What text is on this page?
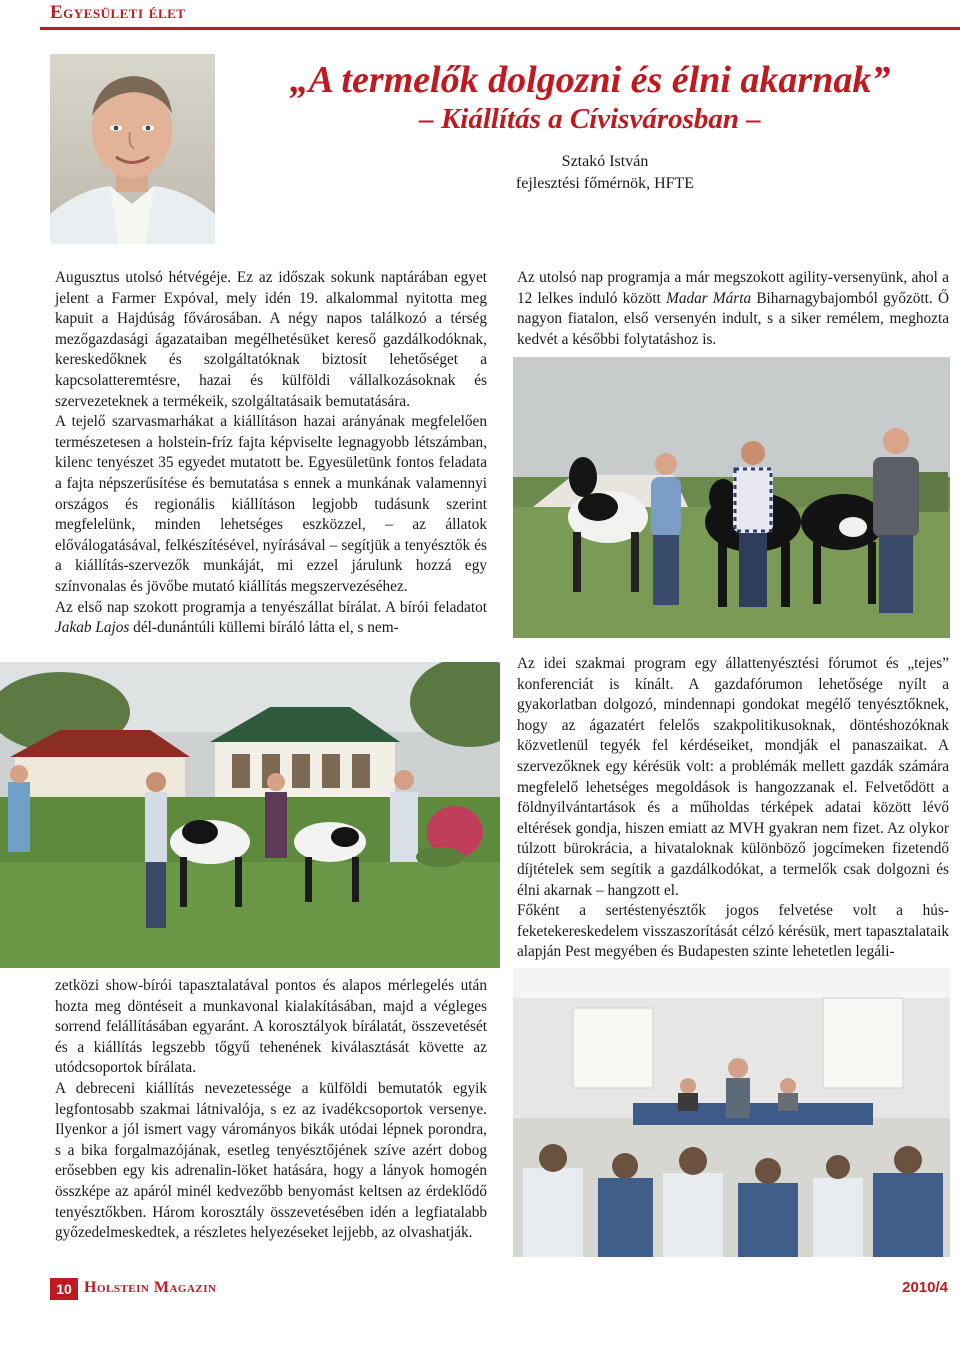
Egyesületi élet
„A termelők dolgozni és élni akarnak”
– Kiállítás a Cívisvárosban –
Sztakó István
fejlesztési főmérnök, HFTE

Augusztus utolsó hétvégéje. Ez az időszak sokunk naptárában egyet jelent a Farmer Expóval, mely idén 19. alkalommal nyitotta meg kapuit a Hajdúság fővárosában. A négy napos találkozó a térség mezőgazdasági ágazataiban megélhetésüket kereső gazdálkodóknak, kereskedőknek és szolgáltatóknak biztosít lehetőséget a kapcsolatteremtésre, hazai és külföldi vállalkozásoknak és szervezeteknek a termékeik, szolgáltatásaik bemutatására.

A tejelő szarvasmarhákat a kiállításon hazai arányának megfelelően természetesen a holstein-fríz fajta képviselte legnagyobb létszámban, kilenc tenyészet 35 egyedet mutatott be. Egyesületünk fontos feladata a fajta népszerűsítése és bemutatása s ennek a munkának valamennyi országos és regionális kiállításon legjobb tudásunk szerint megfelelünk, minden lehetséges eszközzel, – az állatok előválogatásával, felkészítésével, nyírásával – segítjük a tenyésztők és a kiállítás-szervezők munkáját, mi ezzel járulunk hozzá egy színvonalas és jövőbe mutató kiállítás megszervezéséhez.

Az első nap szokott programja a tenyészállat bírálat. A bírói feladatot Jakab Lajos dél-dunántúli küllemi bíráló látta el, s nem-

Az utolsó nap programja a már megszokott agility-versenyünk, ahol a 12 lelkes induló között Madar Márta Biharnagybajomból győzött. Ő nagyon fiatalon, első versenyén indult, s a siker remélem, meghozta kedvét a későbbi folytatáshoz is.

Az idei szakmai program egy állattenyésztési fórumot és „tejes” konferenciát is kínált. A gazdafórumon lehetősége nyílt a gyakorlatban dolgozó, mindennapi gondokat megélő tenyésztőknek, hogy az ágazatért felelős szakpolitikusoknak, döntéshozóknak közvetlenül tegyék fel kérdéseiket, mondják el panaszaikat. A szervezőknek egy kérésük volt: a problémák mellett gazdák számára megfelelő lehetséges megoldások is hangozzanak el. Felvetődött a földnyilvántartások és a műholdas térképek adatai között lévő eltérések gondja, hiszen emiatt az MVH gyakran nem fizet. Az olykor túlzott bürokrácia, a hivataloknak különböző jogcímeken fizetendő díjtételek sem segítik a gazdálkodókat, a termelők csak dolgozni és élni akarnak – hangzott el.

Főként a sertéstenyésztők jogos felvetése volt a hús-feketekereskedelem visszaszorítását célzó kérésük, mert tapasztalataik alapján Pest megyében és Budapesten szinte lehetetlen legáli-

zetközi show-bírói tapasztalatával pontos és alapos mérlegelés után hozta meg döntéseit a munkavonal kialakításában, majd a végleges sorrend felállításában egyaránt. A korosztályok bírálatát, összevetését és a kiállítás legszebb tőgyű tehenének kiválasztását követte az utódcsoportok bírálata.

A debreceni kiállítás nevezetessége a külföldi bemutatók egyik legfontosabb szakmai látnivalója, s ez az ivadékcsoportok versenye. Ilyenkor a jól ismert vagy várományos bikák utódai lépnek porondra, s a bika forgalmazójának, esetleg tenyésztőjének szíve azért dobog erősebben egy kis adrenalin-löket hatására, hogy a lányok homogén összképe az apáról minél kedvezőbb benyomást keltsen az érdeklődő tenyésztőkben. Három korosztály összevetésében idén a legfiatalabb győzedelmeskedtek, a részletes helyezéseket lejjebb, az olvashatják.

10 Holstein Magazin	2010/4
